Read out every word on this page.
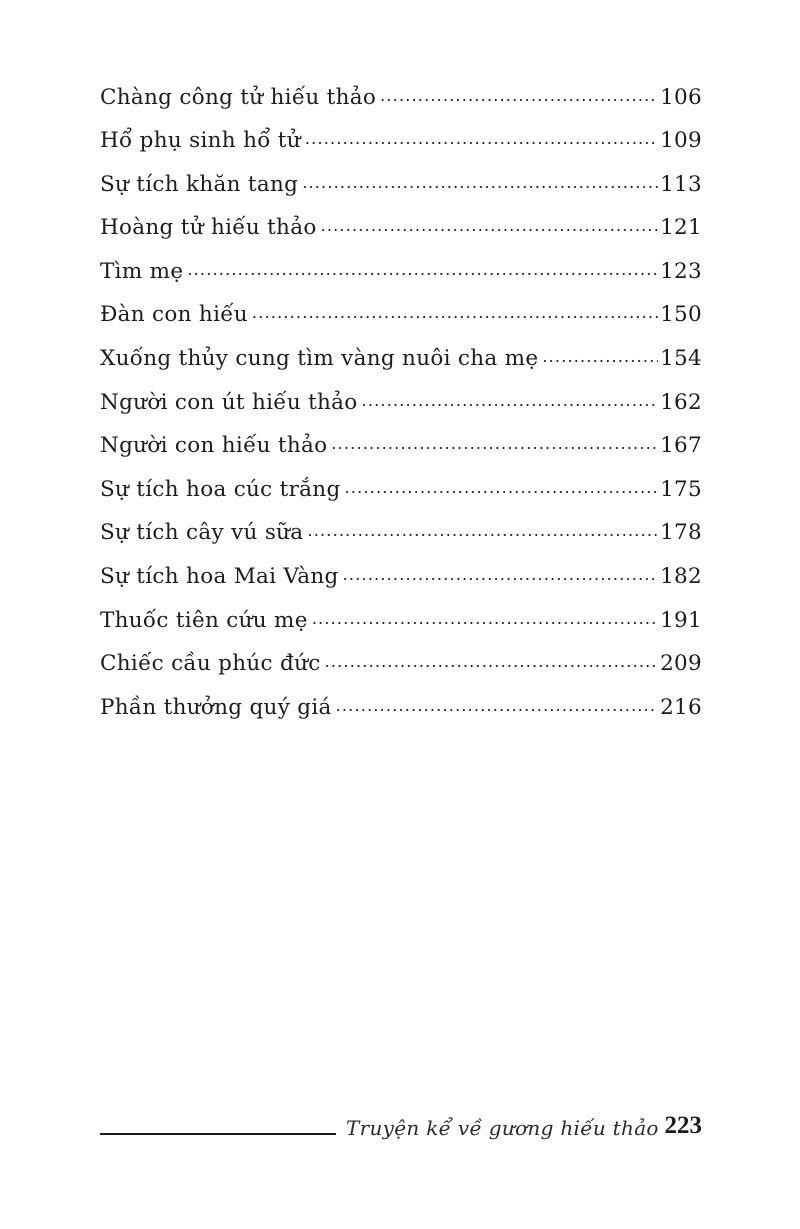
Chàng công tử hiếu thảo .....	106
Hổ phụ sinh hổ tử .....	109
Sự tích khăn tang .....	113
Hoàng tử hiếu thảo .....	121
Tìm mẹ .....	123
Đàn con hiếu .....	150
Xuống thủy cung tìm vàng nuôi cha mẹ .....	154
Người con út hiếu thảo .....	162
Người con hiếu thảo .....	167
Sự tích hoa cúc trắng .....	175
Sự tích cây vú sữa .....	178
Sự tích hoa Mai Vàng .....	182
Thuốc tiên cứu mẹ .....	191
Chiếc cầu phúc đức .....	209
Phần thưởng quý giá .....	216
Truyện kể về gương hiếu thảo 223
